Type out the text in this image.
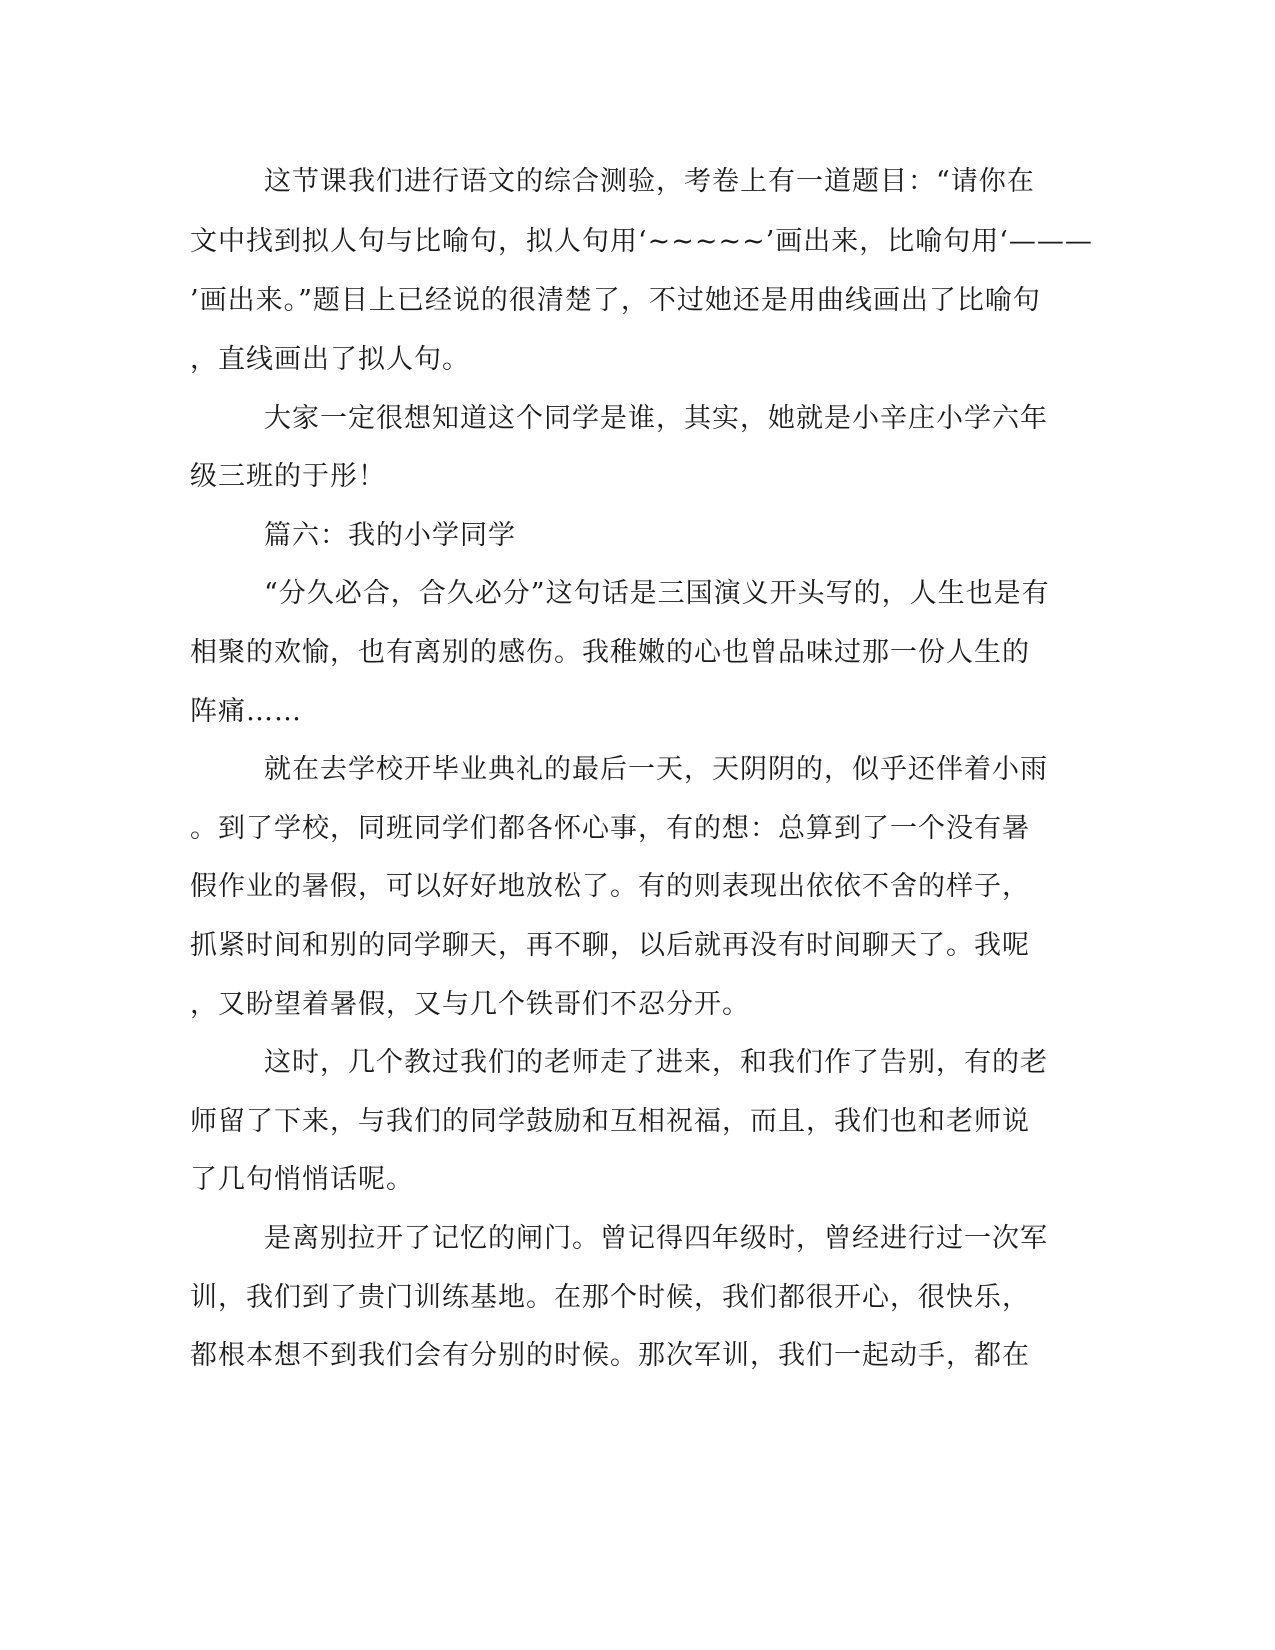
这节课我们进行语文的综合测验，考卷上有一道题目：“请你在
文中找到拟人句与比喻句，拟人句用‘~~~~~’画出来，比喻句用‘———
’画出来。”题目上已经说的很清楚了，不过她还是用曲线画出了比喻句
，直线画出了拟人句。
大家一定很想知道这个同学是谁，其实，她就是小辛庄小学六年
级三班的于彤！
篇六：我的小学同学
“分久必合，合久必分”这句话是三国演义开头写的，人生也是有
相聚的欢愉，也有离别的感伤。我稚嫩的心也曾品味过那一份人生的
阵痛……
就在去学校开毕业典礼的最后一天，天阴阴的，似乎还伴着小雨
。到了学校，同班同学们都各怀心事，有的想：总算到了一个没有暑
假作业的暑假，可以好好地放松了。有的则表现出依依不舍的样子，
抓紧时间和别的同学聊天，再不聊，以后就再没有时间聊天了。我呢
，又盼望着暑假，又与几个铁哥们不忍分开。
这时，几个教过我们的老师走了进来，和我们作了告别，有的老
师留了下来，与我们的同学鼓励和互相祝福，而且，我们也和老师说
了几句悄悄话呢。
是离别拉开了记忆的闸门。曾记得四年级时，曾经进行过一次军
训，我们到了贵门训练基地。在那个时候，我们都很开心，很快乐，
都根本想不到我们会有分别的时候。那次军训，我们一起动手，都在
